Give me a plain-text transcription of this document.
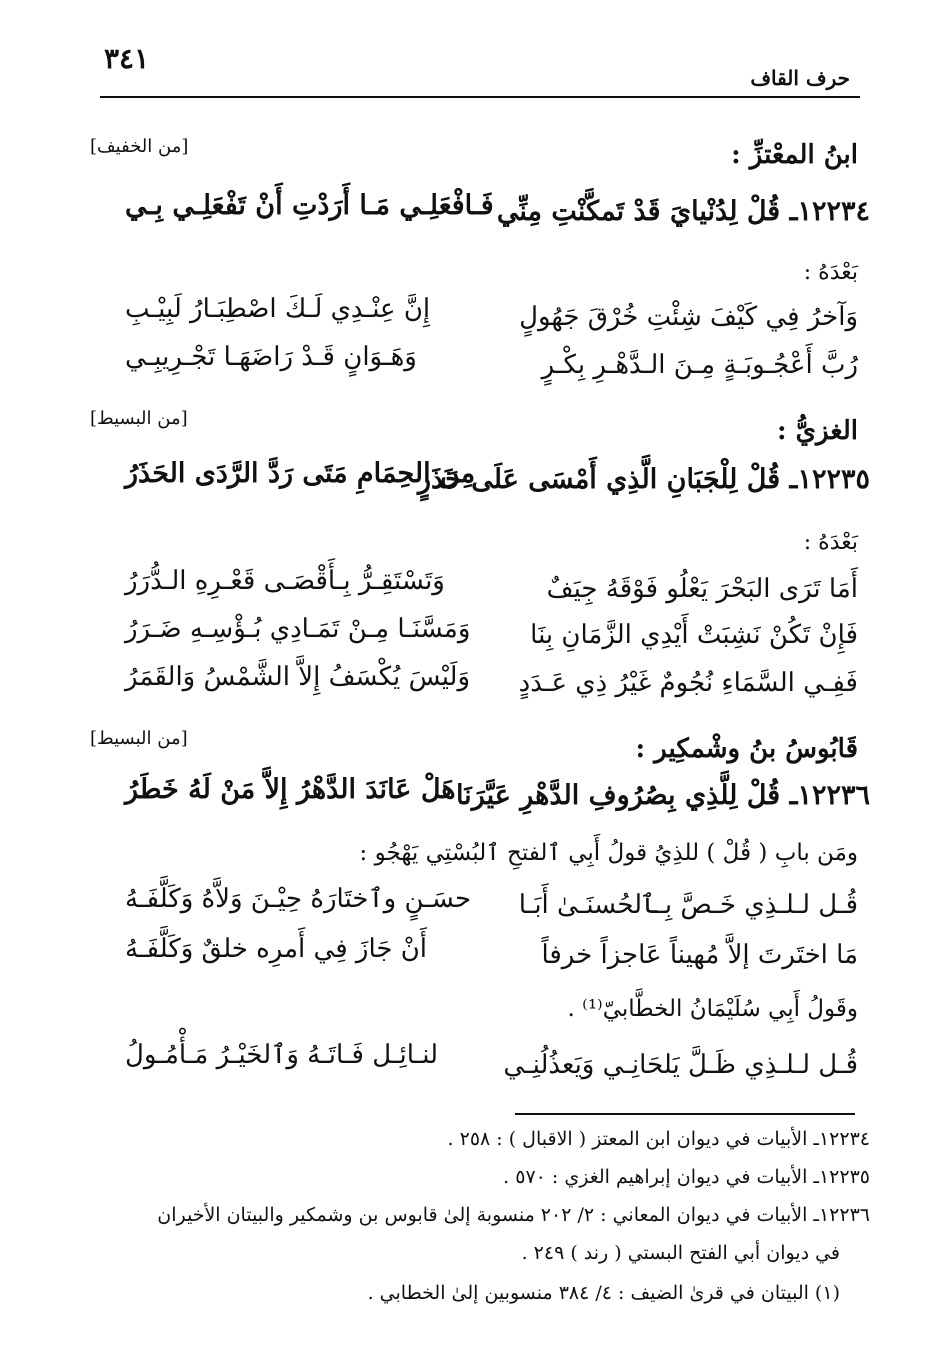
٣٤١
حرف القاف
ابنُ المعْتزِّ :
[من الخفيف]
١٢٢٣٤ـ قُلْ لِدُنْيايَ قَدْ تَمكَّنْتِ مِنِّي
فَـافْعَلِـي مَـا أَرَدْتِ أَنْ تَفْعَلِـي بِـي
بَعْدَهُ :
وَآخرُ فِي كَيْفَ شِئْتِ خُرْقَ جَهُولٍ
إِنَّ عِنْـدِي لَـكَ اصْطِبَـارُ لَبِيْـبِ
رُبَّ أَعْجُـوبَـةٍ مِـنَ الـدَّهْـرِ بِكْـرٍ
وَهَـوَانٍ قَـدْ رَاضَهَـا تَجْـرِيبِـي
الغزيُّ :
[من البسيط]
١٢٢٣٥ـ قُلْ لِلْجَبَانِ الَّذِي أَمْسَى عَلَى حَذَرٍ
مِنَ الحِمَامِ مَتَى رَدَّ الرَّدَى الحَذَرُ
بَعْدَهُ :
أَمَا تَرَى البَحْرَ يَعْلُو فَوْقَهُ جِيَفٌ
وَتَسْتَقِـرُّ بِـأَقْصَـى قَعْـرِهِ الـدُّرَرُ
فَإِنْ تَكُنْ نَشِبَتْ أَيْدِي الزَّمَانِ بِنَا
وَمَسَّنَـا مِـنْ تَمَـادِي بُـؤْسِـهِ ضَـرَرُ
فَفِـي السَّمَاءِ نُجُومٌ غَيْرُ ذِي عَـدَدٍ
وَلَيْسَ يُكْسَفُ إِلاَّ الشَّمْسُ وَالقَمَرُ
قَابُوسُ بنُ وشْمكِير :
[من البسيط]
١٢٢٣٦ـ قُلْ لِلَّذِي بِصُرُوفِ الدَّهْرِ عَيَّرَنَا
هَلْ عَانَدَ الدَّهْرُ إِلاَّ مَنْ لَهُ خَطَرُ
ومَن بابِ ( قُلْ ) للذِيُ قولُ أَبِي ٱلفتحِ ٱلبُسْتِي يَهْجُو :
قُـل لـلـذِي خَـصَّ بِـٱلحُسنَـىٰ أَبَـا
حسَـنٍ وٱختَارَهُ حِيْـنَ وَلاَّهُ وَكَلَّفَـهُ
مَا اختَرتَ إلاَّ مُهيناً عَاجزاً خرفاً
أَنْ جَازَ فِي أَمرِه خلقٌ وَكَلَّفَـهُ
وقَولُ أَبِي سُلَيْمَانُ الخطَّابيّ⁽¹⁾ .
قُـل لـلـذِي ظَـلَّ يَلحَانِـي وَيَعذُلُنِـي
لنـائِـل فَـاتَـهُ وَٱلخَيْـرُ مَـأْمُـولُ
١٢٢٣٤ـ الأبيات في ديوان ابن المعتز ( الاقبال ) : ٢٥٨ .
١٢٢٣٥ـ الأبيات في ديوان إبراهيم الغزي : ٥٧٠ .
١٢٢٣٦ـ الأبيات في ديوان المعاني : ٢/ ٢٠٢ منسوبة إلىٰ قابوس بن وشمكير والبيتان الأخيران
في ديوان أبي الفتح البستي ( رند ) ٢٤٩ .
(١) البيتان في قرىٰ الضيف : ٤/ ٣٨٤ منسوبين إلىٰ الخطابي .
